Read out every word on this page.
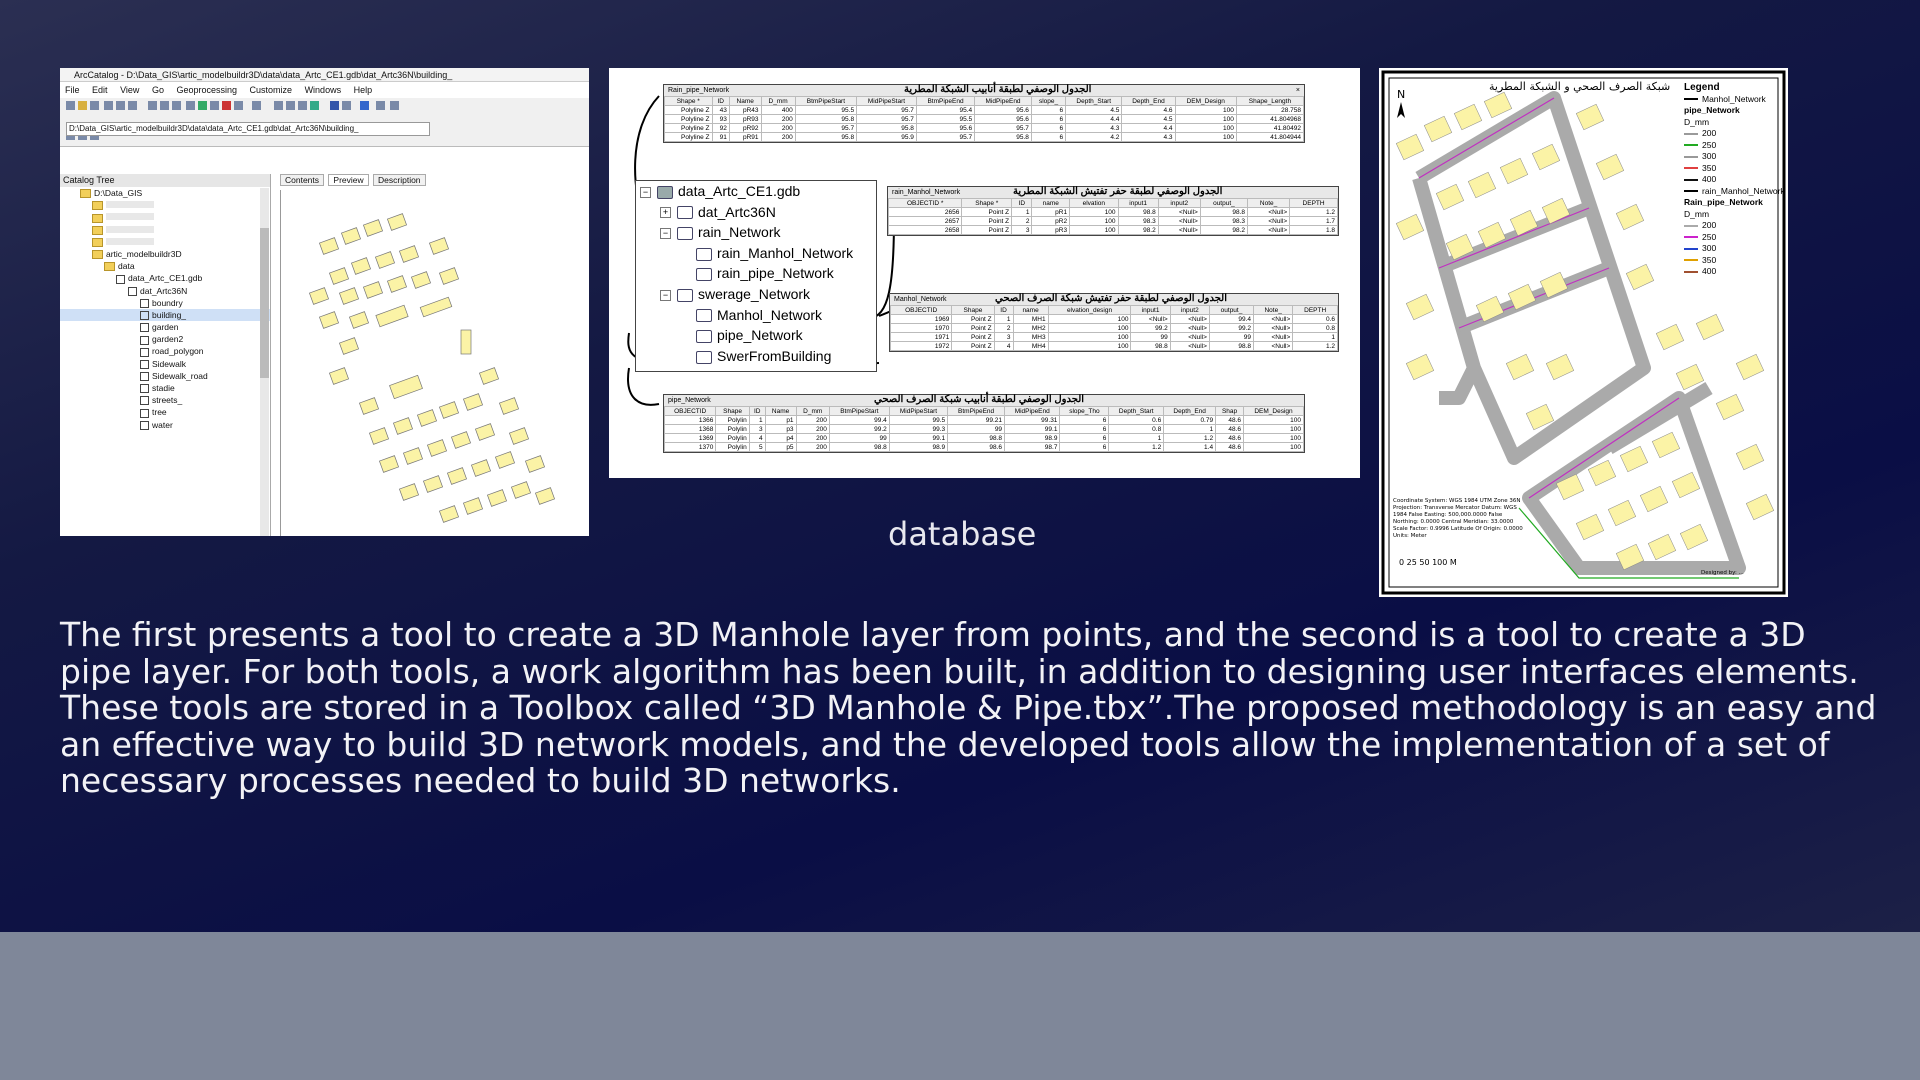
ArcCatalog - D:\Data_GIS\artic_modelbuildr3D\data\data_Artc_CE1.gdb\dat_Artc36N\building_
File Edit View Go Geoprocessing Customize Windows Help
D:\Data_GIS\artic_modelbuildr3D\data\data_Artc_CE1.gdb\dat_Artc36N\building_
Catalog Tree
D:\Data_GIS
artic_modelbuildr3D
data
data_Artc_CE1.gdb
dat_Artc36N
boundry
building_
garden
garden2
road_polygon
Sidewalk
Sidewalk_road
stadie
streets_
tree
water
Contents Preview Description
Rain_pipe_Network	الجدول الوصفي لطبقة أنابيب الشبكة المطرية	×
Shape *	ID	Name	D_mm	BtmPipeStart	MidPipeStart	BtmPipeEnd	MidPipeEnd	slope_	Depth_Start	Depth_End	DEM_Design	Shape_Length
Polyline Z	43	pR43	400	95.5	95.7	95.4	95.6	6	4.5	4.6	100	28.758
Polyline Z	93	pR93	200	95.8	95.7	95.5	95.6	6	4.4	4.5	100	41.804968
Polyline Z	92	pR92	200	95.7	95.8	95.6	95.7	6	4.3	4.4	100	41.80492
Polyline Z	91	pR91	200	95.8	95.9	95.7	95.8	6	4.2	4.3	100	41.804944
− data_Artc_CE1.gdb
+ dat_Artc36N
− rain_Network
rain_Manhol_Network
rain_pipe_Network
− swerage_Network
Manhol_Network
pipe_Network
SwerFromBuilding
rain_Manhol_Network	الجدول الوصفي لطبقة حفر تفتيش الشبكة المطرية
OBJECTID *	Shape *	ID	name	elvation	input1	input2	output_	Note_	DEPTH
2656	Point Z	1	pR1	100	98.8	<Null>	98.8	<Null>	1.2
2657	Point Z	2	pR2	100	98.3	<Null>	98.3	<Null>	1.7
2658	Point Z	3	pR3	100	98.2	<Null>	98.2	<Null>	1.8
Manhol_Network	الجدول الوصفي لطبقة حفر تفتيش شبكة الصرف الصحي
OBJECTID	Shape	ID	name	elvation_design	input1	input2	output_	Note_	DEPTH
1969	Point Z	1	MH1	100	<Null>	<Null>	99.4	<Null>	0.6
1970	Point Z	2	MH2	100	99.2	<Null>	99.2	<Null>	0.8
1971	Point Z	3	MH3	100	99	<Null>	99	<Null>	1
1972	Point Z	4	MH4	100	98.8	<Null>	98.8	<Null>	1.2
pipe_Network	الجدول الوصفي لطبقة أنابيب شبكة الصرف الصحي
OBJECTID	Shape	ID	Name	D_mm	BtmPipeStart	MidPipeStart	BtmPipeEnd	MidPipeEnd	slope_Tho	Depth_Start	Depth_End	Shap	DEM_Design
1366	Polylin	1	p1	200	99.4	99.5	99.21	99.31	6	0.6	0.79	48.6	100
1368	Polylin	3	p3	200	99.2	99.3	99	99.1	6	0.8	1	48.6	100
1369	Polylin	4	p4	200	99	99.1	98.8	98.9	6	1	1.2	48.6	100
1370	Polylin	5	p5	200	98.8	98.9	98.6	98.7	6	1.2	1.4	48.6	100
N
شبكة الصرف الصحي و الشبكة المطرية Legend
Manhol_Network
pipe_Network
D_mm
200
250
300
350
400
rain_Manhol_Network
Rain_pipe_Network
D_mm
200
250
300
350
400
Coordinate System: WGS 1984 UTM Zone 36N Projection: Transverse Mercator Datum: WGS 1984 False Easting: 500,000.0000 False Northing: 0.0000 Central Meridian: 33.0000 Scale Factor: 0.9996 Latitude Of Origin: 0.0000 Units: Meter
0 25 50 100 M
Designed by: ...
database
The first presents a tool to create a 3D Manhole layer from points, and the second is a tool to create a 3D pipe layer. For both tools, a work algorithm has been built, in addition to designing user interfaces elements. These tools are stored in a Toolbox called “3D Manhole & Pipe.tbx”.The proposed methodology is an easy and an effective way to build 3D network models, and the developed tools allow the implementation of a set of necessary processes needed to build 3D networks.
